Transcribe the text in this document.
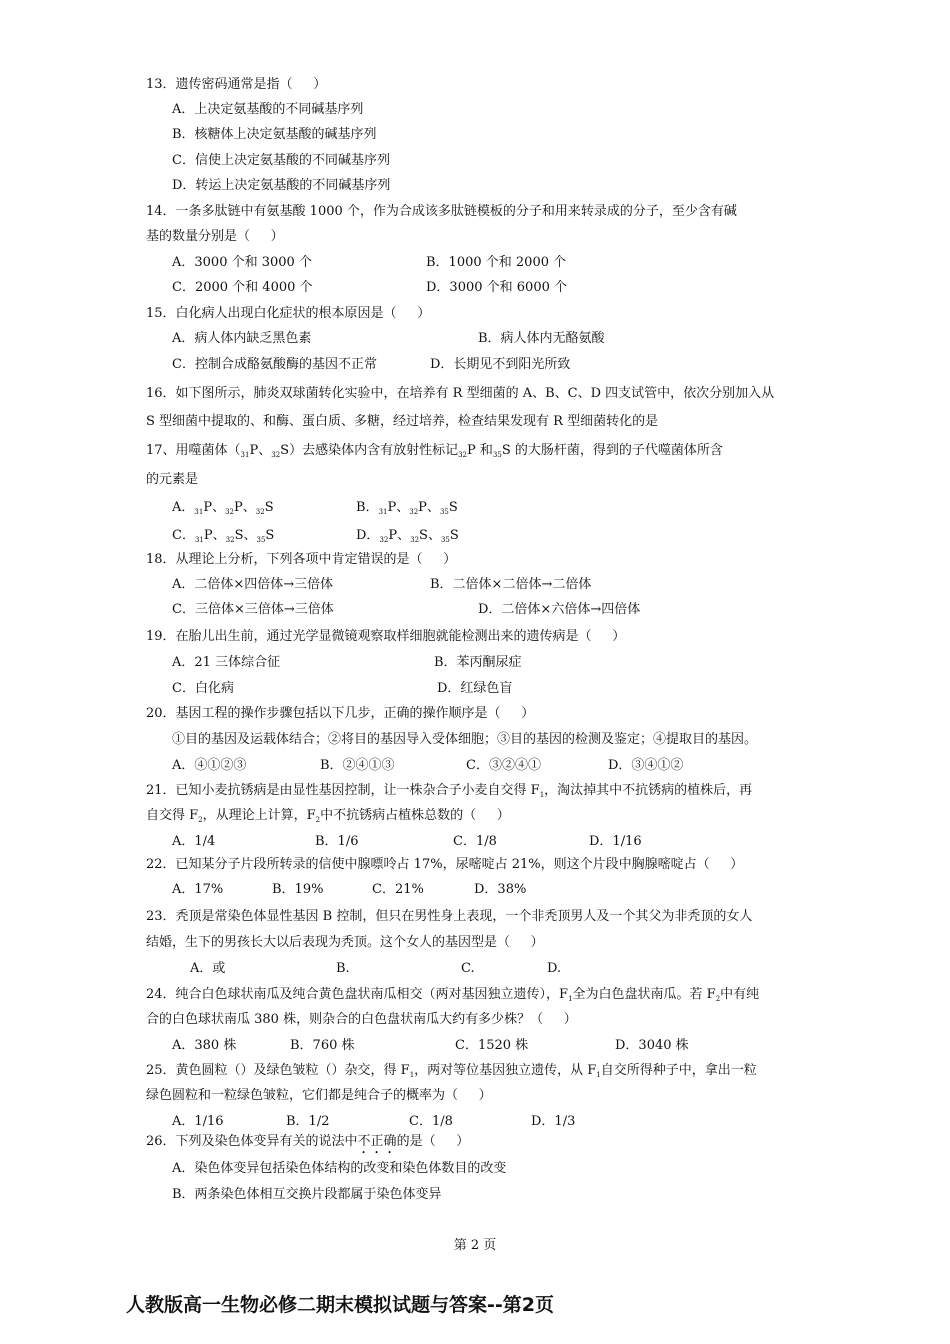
13．遗传密码通常是指（     ）
A．上决定氨基酸的不同碱基序列
B．核糖体上决定氨基酸的碱基序列
C．信使上决定氨基酸的不同碱基序列
D．转运上决定氨基酸的不同碱基序列
14．一条多肽链中有氨基酸 1000 个，作为合成该多肽链模板的分子和用来转录成的分子，至少含有碱
基的数量分别是（     ）
A．3000 个和 3000 个	B．1000 个和 2000 个
C．2000 个和 4000 个	D．3000 个和 6000 个
15．白化病人出现白化症状的根本原因是（     ）
A．病人体内缺乏黑色素	B．病人体内无酪氨酸
C．控制合成酪氨酸酶的基因不正常	D．长期见不到阳光所致
16．如下图所示，肺炎双球菌转化实验中，在培养有 R 型细菌的 A、B、C、D 四支试管中，依次分别加入从
S 型细菌中提取的、和酶、蛋白质、多糖，经过培养，检查结果发现有 R 型细菌转化的是
17、用噬菌体（$_{31}P$、$_{32}$S）去感染体内含有放射性标记$_{32}$P 和$_{35}$S 的大肠杆菌，得到的子代噬菌体所含
的元素是
A．$_{31}$P、$_{32}$P、$_{32}$S	B．$_{31}$P、$_{32}$P、$_{35}$S
C．$_{31}$P、$_{32}$S、$_{35}$S	D．$_{32}$P、$_{32}$S、$_{35}$S
18．从理论上分析，下列各项中肯定错误的是（     ）
A．二倍体×四倍体→三倍体	B．二倍体×二倍体→二倍体
C．三倍体×三倍体→三倍体	D．二倍体×六倍体→四倍体
19．在胎儿出生前，通过光学显微镜观察取样细胞就能检测出来的遗传病是（     ）
A．21 三体综合征	B．苯丙酮尿症
C．白化病	D．红绿色盲
20．基因工程的操作步骤包括以下几步，正确的操作顺序是（     ）
①目的基因及运载体结合；②将目的基因导入受体细胞；③目的基因的检测及鉴定；④提取目的基因。
A．④①②③	B．②④①③	C．③②④①	D．③④①②
21．已知小麦抗锈病是由显性基因控制，让一株杂合子小麦自交得 $F_1$，淘汰掉其中不抗锈病的植株后，再
自交得 $F_2$，从理论上计算，$F_2$中不抗锈病占植株总数的（     ）
A．1/4	B．1/6	C．1/8	D．1/16
22．已知某分子片段所转录的信使中腺嘌呤占 17%，尿嘧啶占 21%，则这个片段中胸腺嘧啶占（     ）
A．17%	B．19%	C．21%	D．38%
23．秃顶是常染色体显性基因 B 控制，但只在男性身上表现，一个非秃顶男人及一个其父为非秃顶的女人
结婚，生下的男孩长大以后表现为秃顶。这个女人的基因型是（     ）
A．或	B.	C.	D.
24．纯合白色球状南瓜及纯合黄色盘状南瓜相交（两对基因独立遗传），$F_1$全为白色盘状南瓜。若 $F_2$中有纯
合的白色球状南瓜 380 株，则杂合的白色盘状南瓜大约有多少株？（     ）
A．380 株	B．760 株	C．1520 株	D．3040 株
25．黄色圆粒（）及绿色皱粒（）杂交，得 $F_1$，两对等位基因独立遗传，从 $F_1$自交所得种子中，拿出一粒
绿色圆粒和一粒绿色皱粒，它们都是纯合子的概率为（     ）
A．1/16	B．1/2	C．1/8	D．1/3
26．下列及染色体变异有关的说法中不正确的是（     ）
A．染色体变异包括染色体结构的改变和染色体数目的改变
B．两条染色体相互交换片段都属于染色体变异
第 2 页
人教版高一生物必修二期末模拟试题与答案--第2页
